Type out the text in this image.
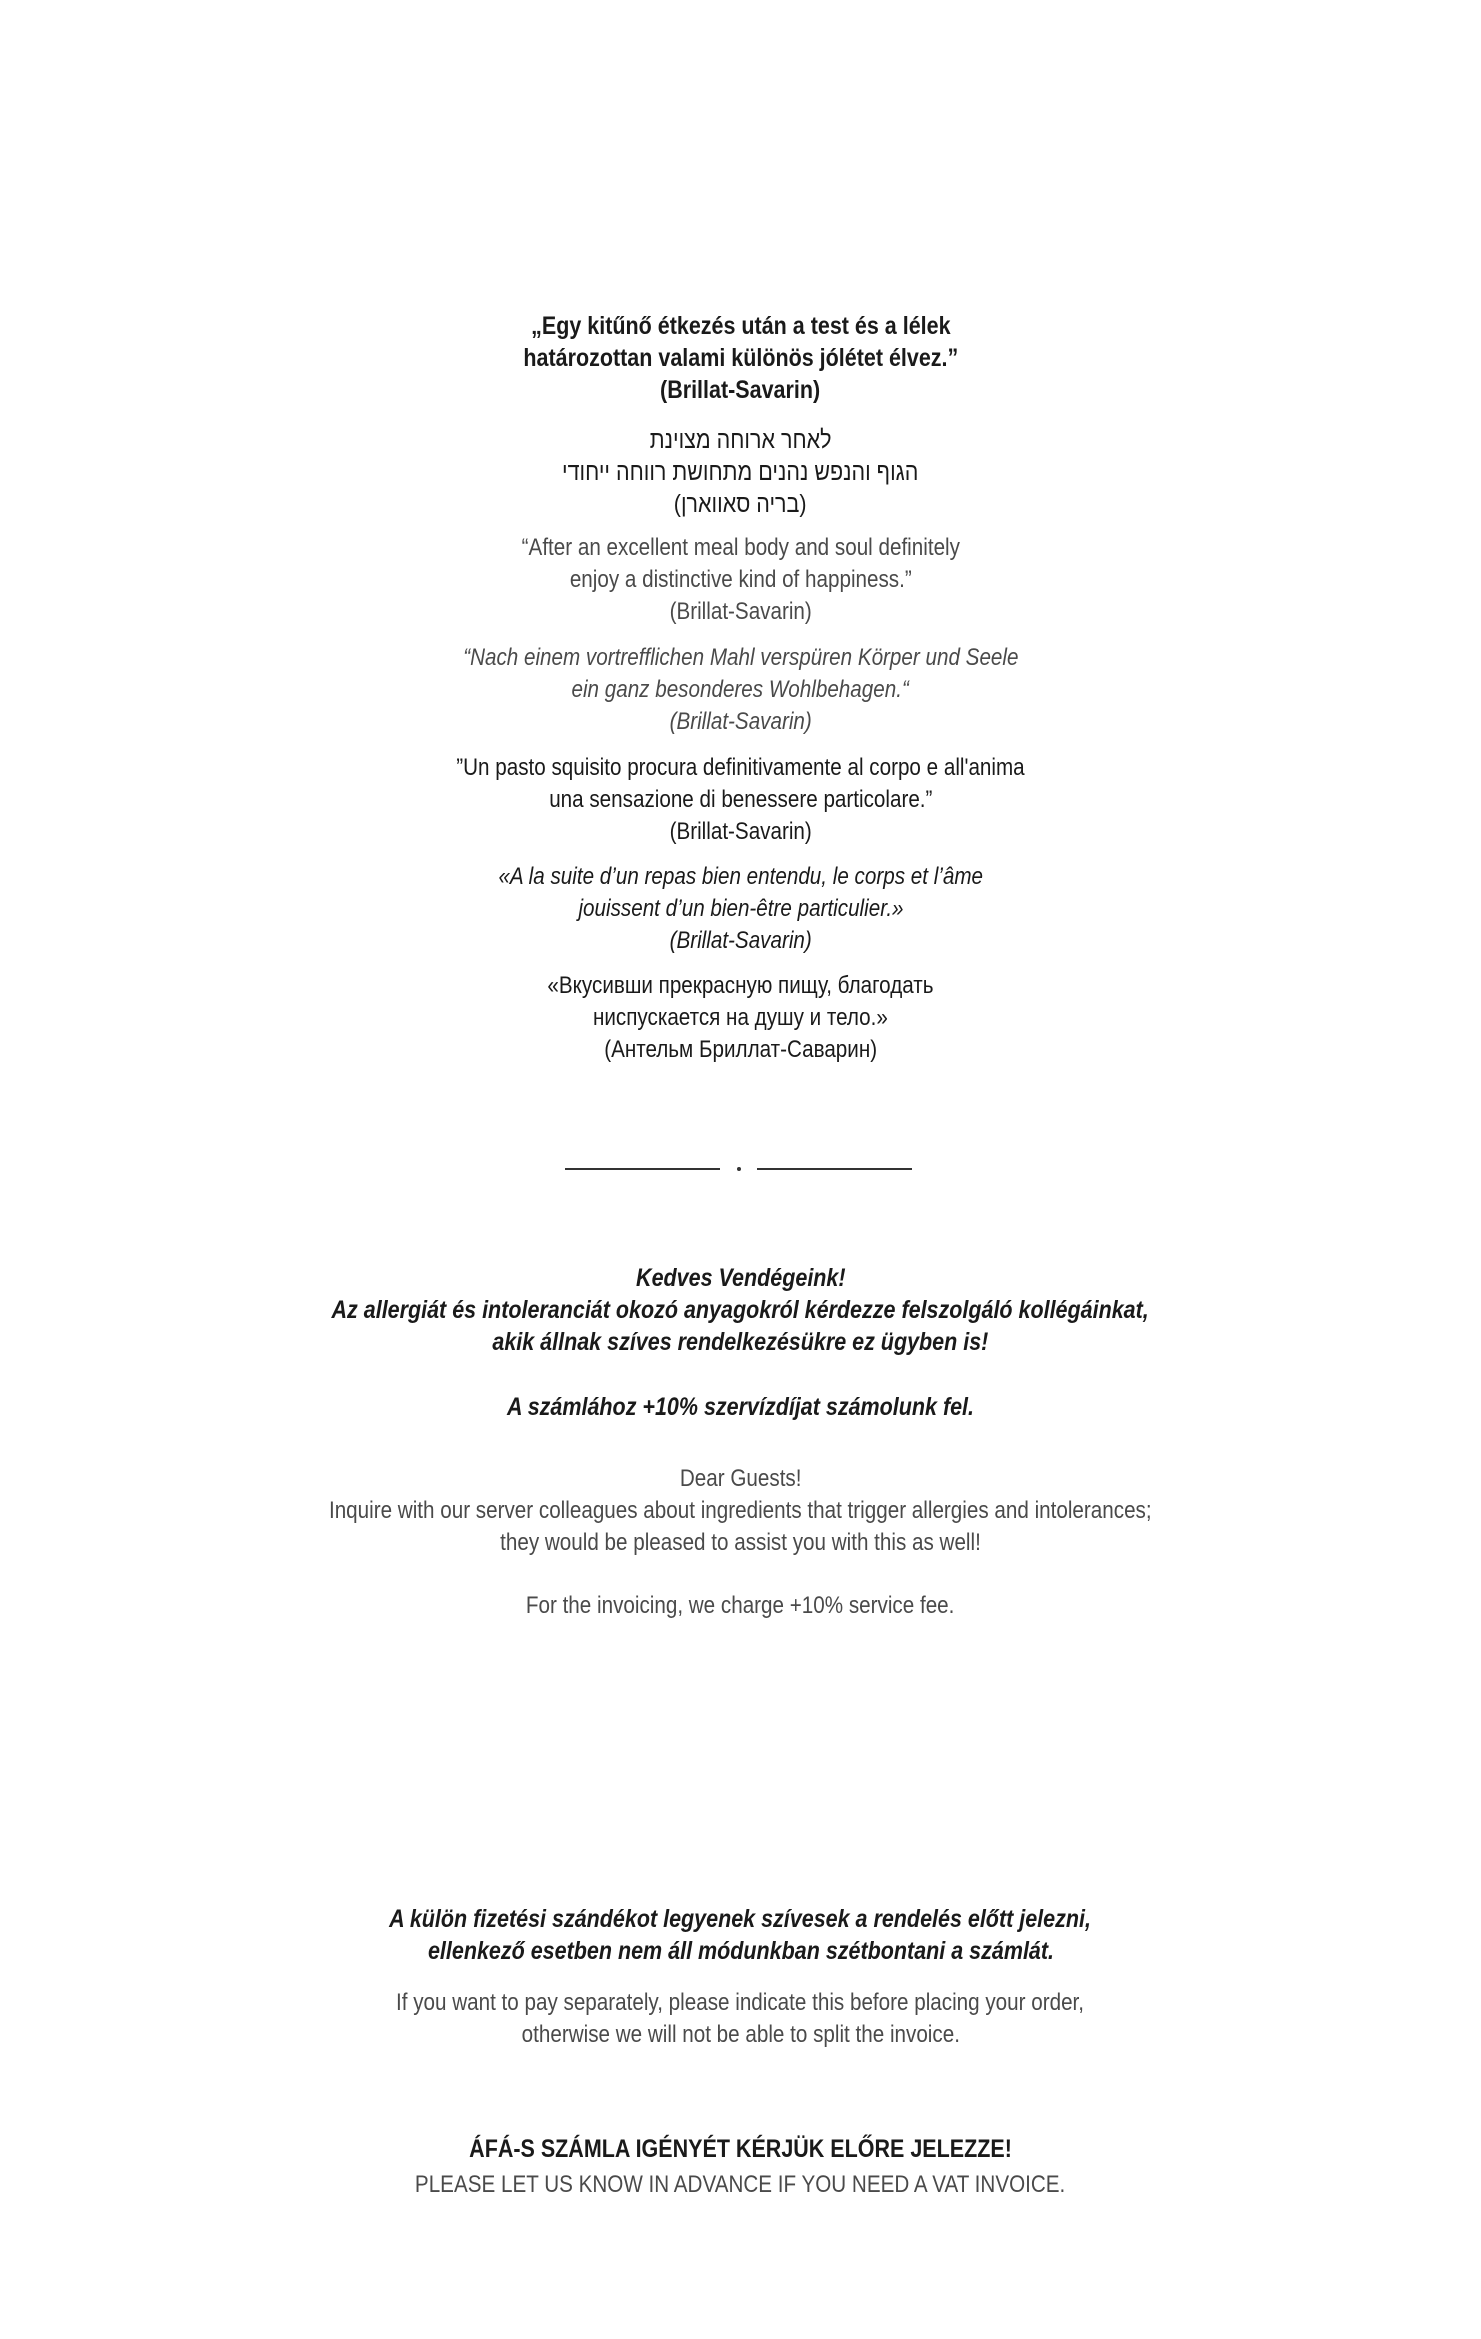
„Egy kitűnő étkezés után a test és a lélek
határozottan valami különös jólétet élvez.”
(Brillat-Savarin)
לאחר ארוחה מצוינת
הגוף והנפש נהנים מתחושת רווחה ייחודי
(בריה סאווארן)
“After an excellent meal body and soul definitely
enjoy a distinctive kind of happiness.”
(Brillat-Savarin)
“Nach einem vortrefflichen Mahl verspüren Körper und Seele
ein ganz besonderes Wohlbehagen.“
(Brillat-Savarin)
”Un pasto squisito procura definitivamente al corpo e all'anima
una sensazione di benessere particolare.”
(Brillat-Savarin)
«A la suite d’un repas bien entendu, le corps et l’âme
jouissent d’un bien-être particulier.»
(Brillat-Savarin)
«Вкусивши прекрасную пищу, благодать
ниспускается на душу и тело.»
(Антельм Бриллат-Саварин)
Kedves Vendégeink!
Az allergiát és intoleranciát okozó anyagokról kérdezze felszolgáló kollégáinkat,
akik állnak szíves rendelkezésükre ez ügyben is!
A számlához +10% szervízdíjat számolunk fel.
Dear Guests!
Inquire with our server colleagues about ingredients that trigger allergies and intolerances;
they would be pleased to assist you with this as well!
For the invoicing, we charge +10% service fee.
A külön fizetési szándékot legyenek szívesek a rendelés előtt jelezni,
ellenkező esetben nem áll módunkban szétbontani a számlát.
If you want to pay separately, please indicate this before placing your order,
otherwise we will not be able to split the invoice.
ÁFÁ-S SZÁMLA IGÉNYÉT KÉRJÜK ELŐRE JELEZZE!
PLEASE LET US KNOW IN ADVANCE IF YOU NEED A VAT INVOICE.
